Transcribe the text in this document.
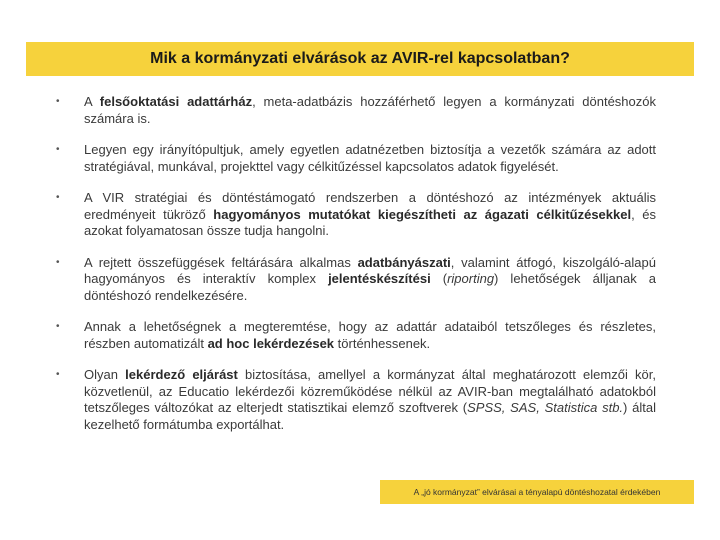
Mik a kormányzati elvárások az AVIR-rel kapcsolatban?
• A felsőoktatási adattárház, meta-adatbázis hozzáférhető legyen a kormányzati döntéshozók számára is.
• Legyen egy irányítópultjuk, amely egyetlen adatnézetben biztosítja a vezetők számára az adott stratégiával, munkával, projekttel vagy célkitűzéssel kapcsolatos adatok figyelését.
• A VIR stratégiai és döntéstámogató rendszerben a döntéshozó az intézmények aktuális eredményeit tükröző hagyományos mutatókat kiegészítheti az ágazati célkitűzésekkel, és azokat folyamatosan össze tudja hangolni.
• A rejtett összefüggések feltárására alkalmas adatbányászati, valamint átfogó, kiszolgáló-alapú hagyományos és interaktív komplex jelentéskészítési (riporting) lehetőségek álljanak a döntéshozó rendelkezésére.
• Annak a lehetőségnek a megteremtése, hogy az adattár adataiból tetszőleges és részletes, részben automatizált ad hoc lekérdezések történhessenek.
• Olyan lekérdező eljárást biztosítása, amellyel a kormányzat által meghatározott elemzői kör, közvetlenül, az Educatio lekérdezői közreműködése nélkül az AVIR-ban megtalálható adatokból tetszőleges változókat az elterjedt statisztikai elemző szoftverek (SPSS, SAS, Statistica stb.) által kezelhető formátumba exportálhat.
A „jó kormányzat” elvárásai a tényalapú döntéshozatal érdekében
